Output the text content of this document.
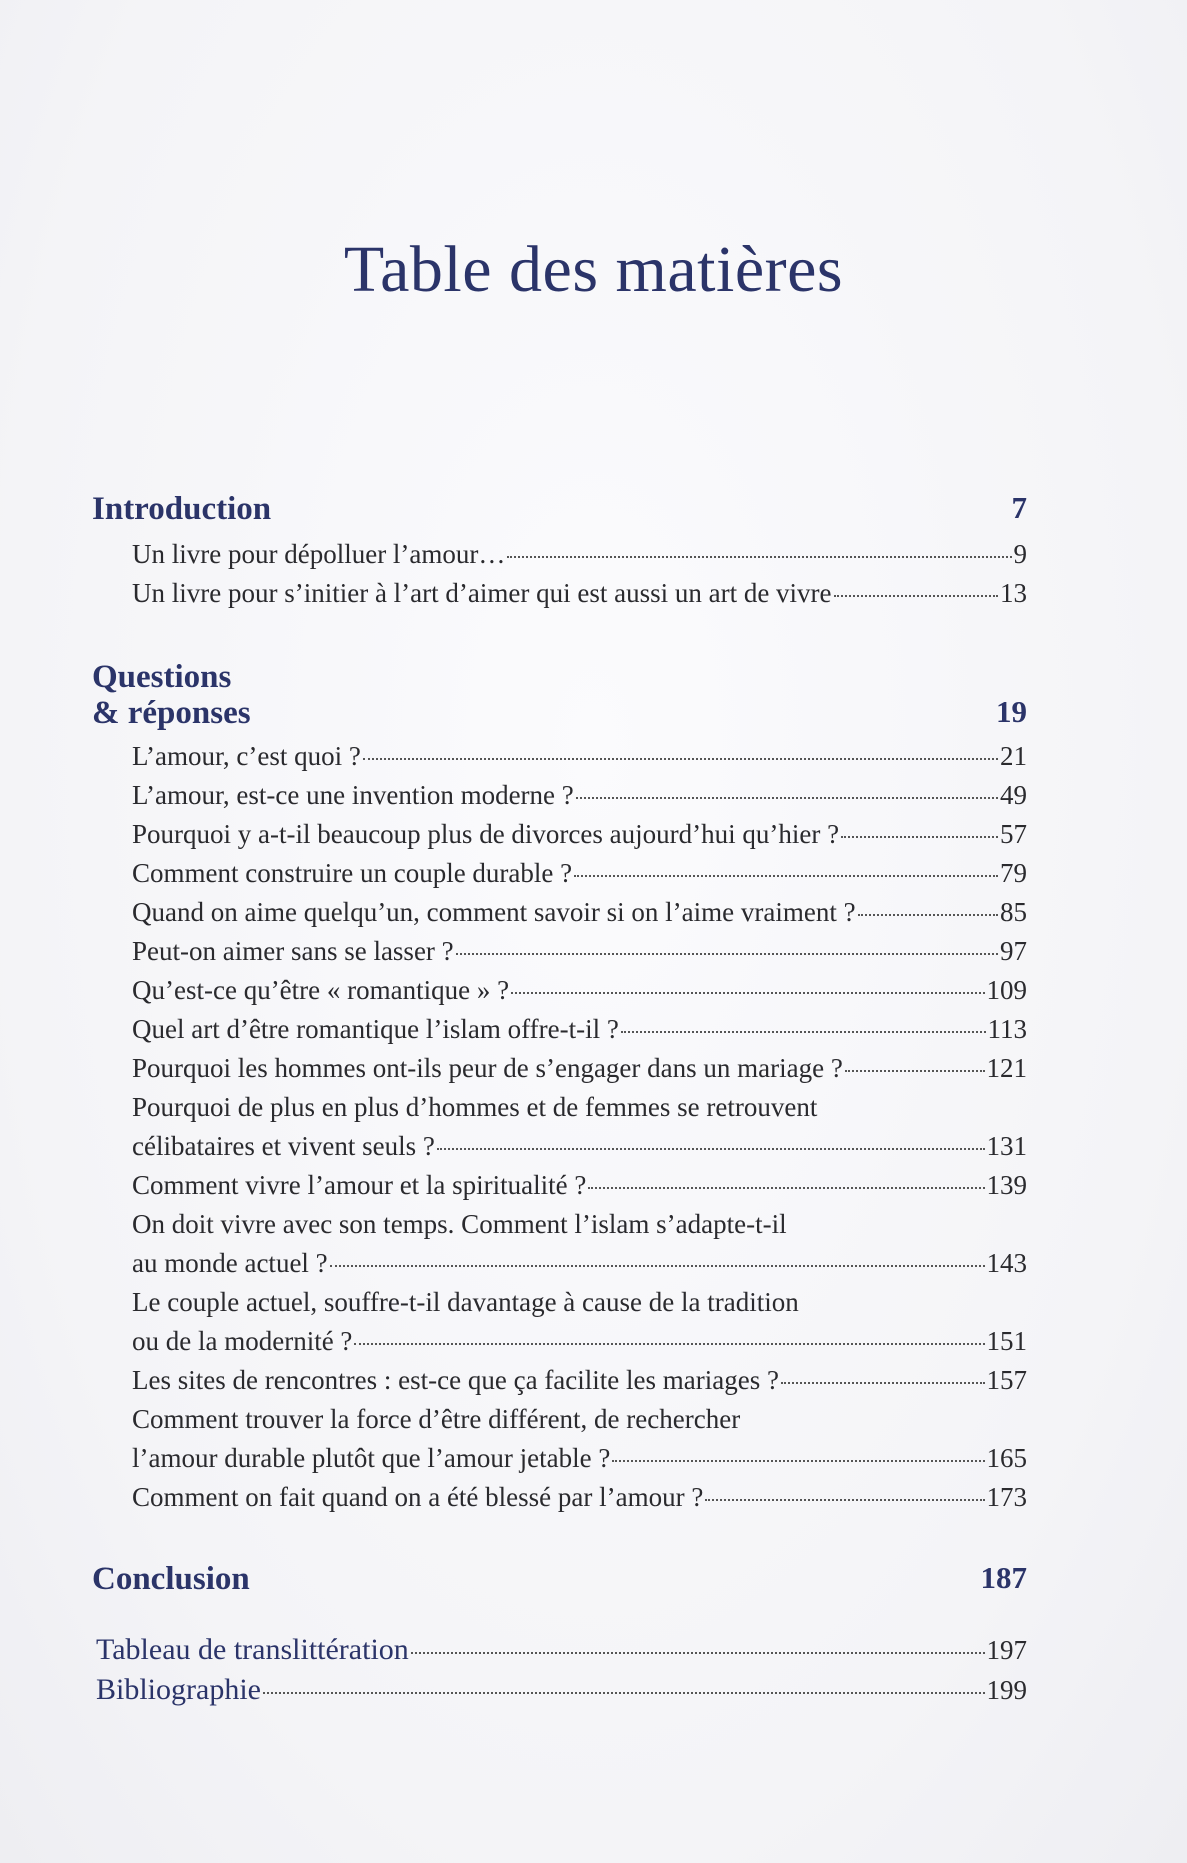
Table des matières
Introduction	7
Un livre pour dépolluer l’amour…	9
Un livre pour s’initier à l’art d’aimer qui est aussi un art de vivre	13
Questions
& réponses	19
L’amour, c’est quoi ?	21
L’amour, est-ce une invention moderne ?	49
Pourquoi y a-t-il beaucoup plus de divorces aujourd’hui qu’hier ?	57
Comment construire un couple durable ?	79
Quand on aime quelqu’un, comment savoir si on l’aime vraiment ?	85
Peut-on aimer sans se lasser ?	97
Qu’est-ce qu’être « romantique » ?	109
Quel art d’être romantique l’islam offre-t-il ?	113
Pourquoi les hommes ont-ils peur de s’engager dans un mariage ?	121
Pourquoi de plus en plus d’hommes et de femmes se retrouvent
célibataires et vivent seuls ?	131
Comment vivre l’amour et la spiritualité ?	139
On doit vivre avec son temps. Comment l’islam s’adapte-t-il
au monde actuel ?	143
Le couple actuel, souffre-t-il davantage à cause de la tradition
ou de la modernité ?	151
Les sites de rencontres : est-ce que ça facilite les mariages ?	157
Comment trouver la force d’être différent, de rechercher
l’amour durable plutôt que l’amour jetable ?	165
Comment on fait quand on a été blessé par l’amour ?	173
Conclusion	187
Tableau de translittération	197
Bibliographie	199
